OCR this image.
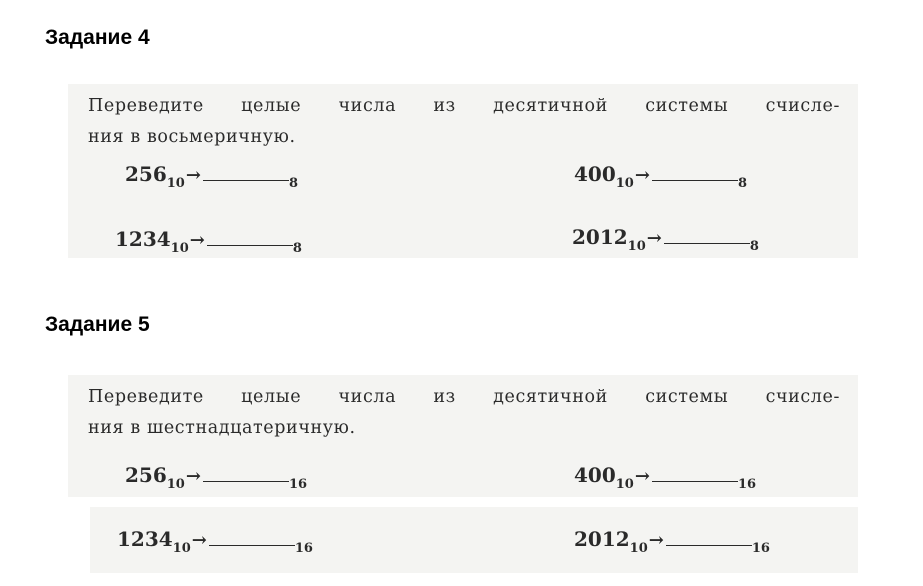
Задание 4

Переведите целые числа из десятичной системы счисле-
ния в восьмеричную.

$256_{10}\to$	$_8$	$400_{10}\to$	$_8$
$1234_{10}\to$	$_8$	$2012_{10}\to$	$_8$
Задание 5

Переведите целые числа из десятичной системы счисле-
ния в шестнадцатеричную.

$256_{10}\to$	$_{16}$	$400_{10}\to$	$_{16}$
$1234_{10}\to$	$_{16}$	$2012_{10}\to$	$_{16}$
